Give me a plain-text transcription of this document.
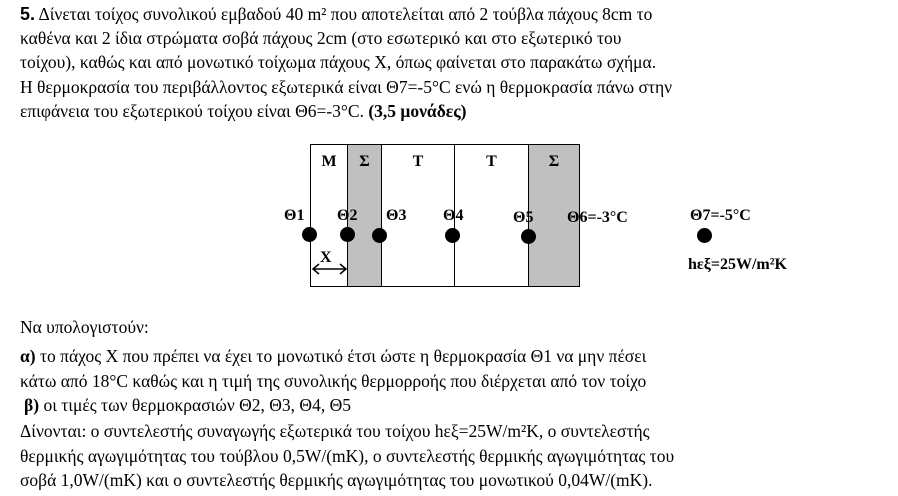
5. Δίνεται τοίχος συνολικού εμβαδού 40 m² που αποτελείται από 2 τούβλα πάχους 8cm το
καθένα και 2 ίδια στρώματα σοβά πάχους 2cm (στο εσωτερικό και στο εξωτερικό του
τοίχου), καθώς και από μονωτικό τοίχωμα πάχους Χ, όπως φαίνεται στο παρακάτω σχήμα.
Η θερμοκρασία του περιβάλλοντος εξωτερικά είναι Θ7=-5°C ενώ η θερμοκρασία πάνω στην
επιφάνεια του εξωτερικού τοίχου είναι Θ6=-3°C. (3,5 μονάδες)
Μ	Σ	Τ	Τ	Σ
Χ
Θ1 Θ2 Θ3 Θ4	Θ5 Θ6=-3°C	Θ7=-5°C
hεξ=25W/m²K
Να υπολογιστούν:
α) το πάχος Χ που πρέπει να έχει το μονωτικό έτσι ώστε η θερμοκρασία Θ1 να μην πέσει
κάτω από 18°C καθώς και η τιμή της συνολικής θερμορροής που διέρχεται από τον τοίχο
β) οι τιμές των θερμοκρασιών Θ2, Θ3, Θ4, Θ5
Δίνονται: ο συντελεστής συναγωγής εξωτερικά του τοίχου hεξ=25W/m²K, ο συντελεστής
θερμικής αγωγιμότητας του τούβλου 0,5W/(mK), ο συντελεστής θερμικής αγωγιμότητας του
σοβά 1,0W/(mK) και ο συντελεστής θερμικής αγωγιμότητας του μονωτικού 0,04W/(mK).
